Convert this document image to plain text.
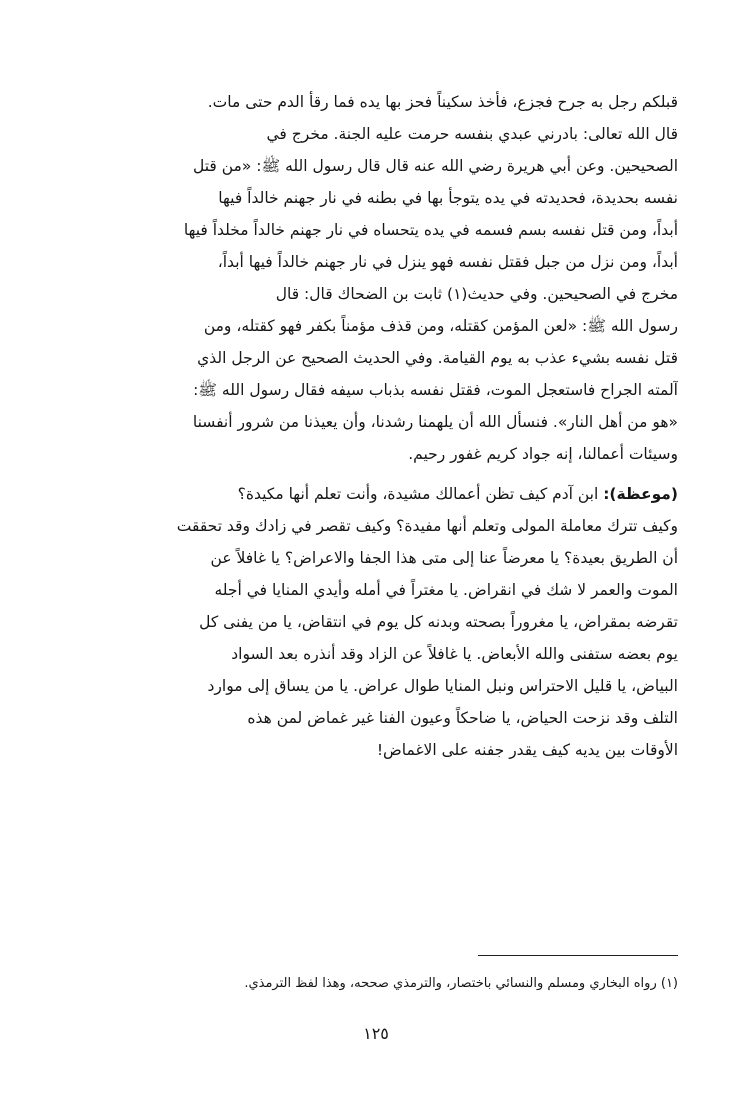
قبلكم رجل به جرح فجزع، فأخذ سكيناً فحز بها يده فما رقأ الدم حتى مات.
قال الله تعالى: بادرني عبدي بنفسه حرمت عليه الجنة. مخرج في
الصحيحين. وعن أبي هريرة رضي الله عنه قال قال رسول الله ﷺ: «من قتل
نفسه بحديدة، فحديدته في يده يتوجأ بها في بطنه في نار جهنم خالداً فيها
أبداً، ومن قتل نفسه بسم فسمه في يده يتحساه في نار جهنم خالداً مخلداً فيها
أبداً، ومن نزل من جبل فقتل نفسه فهو ينزل في نار جهنم خالداً فيها أبداً،
مخرج في الصحيحين. وفي حديث(١) ثابت بن الضحاك قال: قال
رسول الله ﷺ: «لعن المؤمن كقتله، ومن قذف مؤمناً بكفر فهو كقتله، ومن
قتل نفسه بشيء عذب به يوم القيامة. وفي الحديث الصحيح عن الرجل الذي
آلمته الجراح فاستعجل الموت، فقتل نفسه بذباب سيفه فقال رسول الله ﷺ:
«هو من أهل النار». فنسأل الله أن يلهمنا رشدنا، وأن يعيذنا من شرور أنفسنا
وسيئات أعمالنا، إنه جواد كريم غفور رحيم.
(موعظة): ابن آدم كيف تظن أعمالك مشيدة، وأنت تعلم أنها مكيدة؟
وكيف تترك معاملة المولى وتعلم أنها مفيدة؟ وكيف تقصر في زادك وقد تحققت
أن الطريق بعيدة؟ يا معرضاً عنا إلى متى هذا الجفا والاعراض؟ يا غافلاً عن
الموت والعمر لا شك في انقراض. يا مغتراً في أمله وأيدي المنايا في أجله
تقرضه بمقراض، يا مغروراً بصحته وبدنه كل يوم في انتقاض، يا من يفنى كل
يوم بعضه ستفنى والله الأبعاض. يا غافلاً عن الزاد وقد أنذره بعد السواد
البياض، يا قليل الاحتراس ونبل المنايا طوال عراض. يا من يساق إلى موارد
التلف وقد نزحت الحياض، يا ضاحكاً وعيون الفنا غير غماض لمن هذه
الأوقات بين يديه كيف يقدر جفنه على الاغماض!
(١) رواه البخاري ومسلم والنسائي باختصار، والترمذي صححه، وهذا لفظ الترمذي.
١٢٥
